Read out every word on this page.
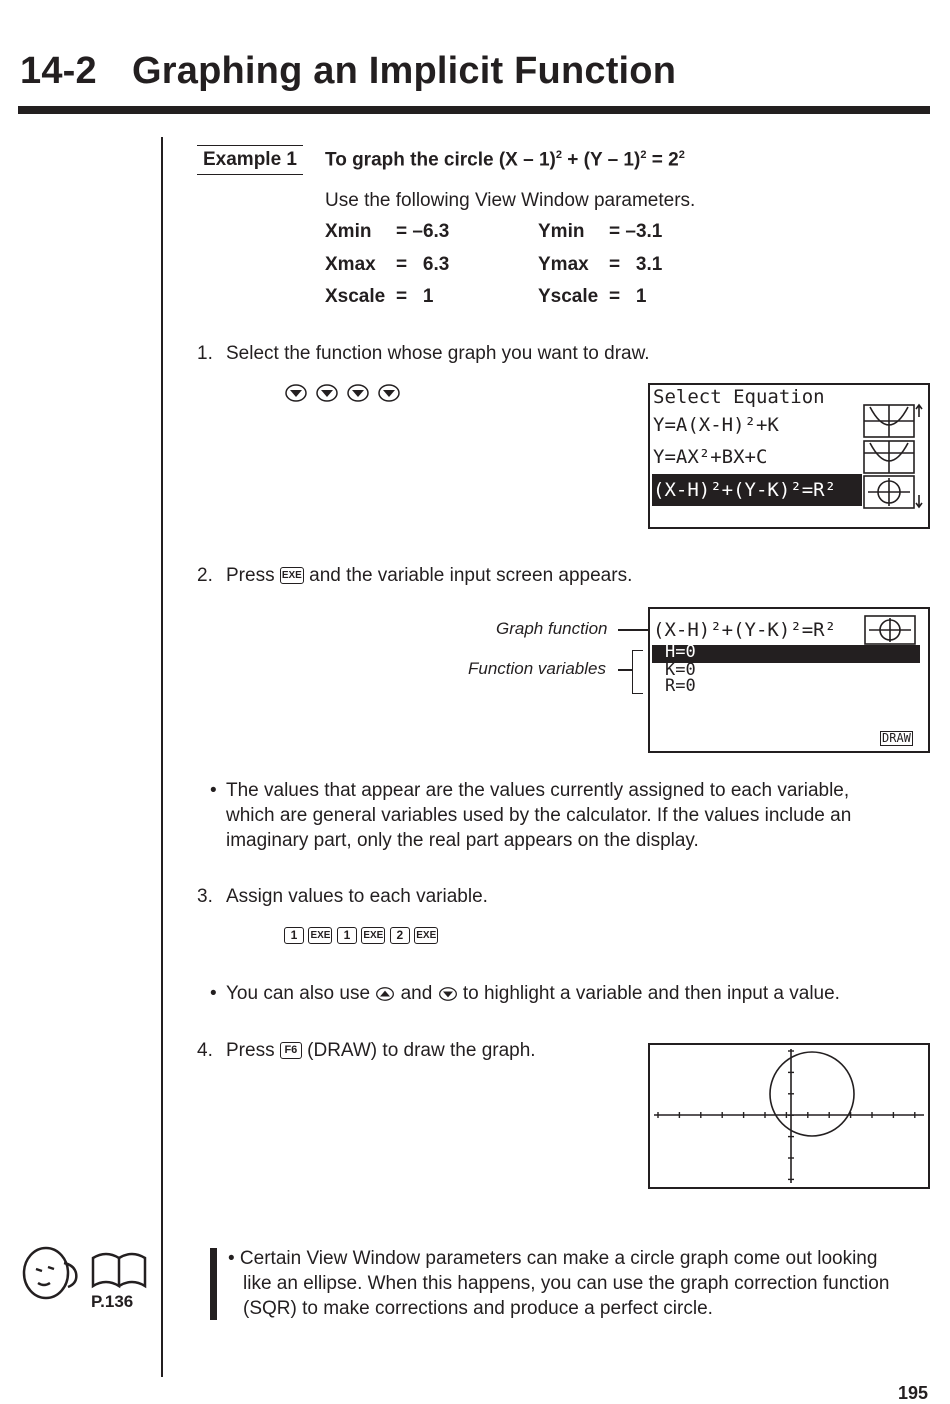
14-2 Graphing an Implicit Function
Example 1	To graph the circle $(X - 1)^2 + (Y - 1)^2 = 2^2$
Use the following View Window parameters.
Xmin = –6.3
Xmax =   6.3
Xscale =   1
Ymin = –3.1
Ymax =   3.1
Yscale =   1
1. Select the function whose graph you want to draw.
Select Equation
Y=A(X-H)²+K
Y=AX²+BX+C
(X-H)²+(Y-K)²=R²
2. Press EXE and the variable input screen appears.
Graph function
Function variables
(X-H)²+(Y-K)²=R²
H=0
K=0
R=0
DRAW
• The values that appear are the values currently assigned to each variable,
which are general variables used by the calculator. If the values include an
imaginary part, only the real part appears on the display.
3. Assign values to each variable.
1 EXE 1 EXE 2 EXE
• You can also use and to highlight a variable and then input a value.
4. Press F6 (DRAW) to draw the graph.
P.136
• Certain View Window parameters can make a circle graph come out looking
like an ellipse. When this happens, you can use the graph correction function
(SQR) to make corrections and produce a perfect circle.
195
